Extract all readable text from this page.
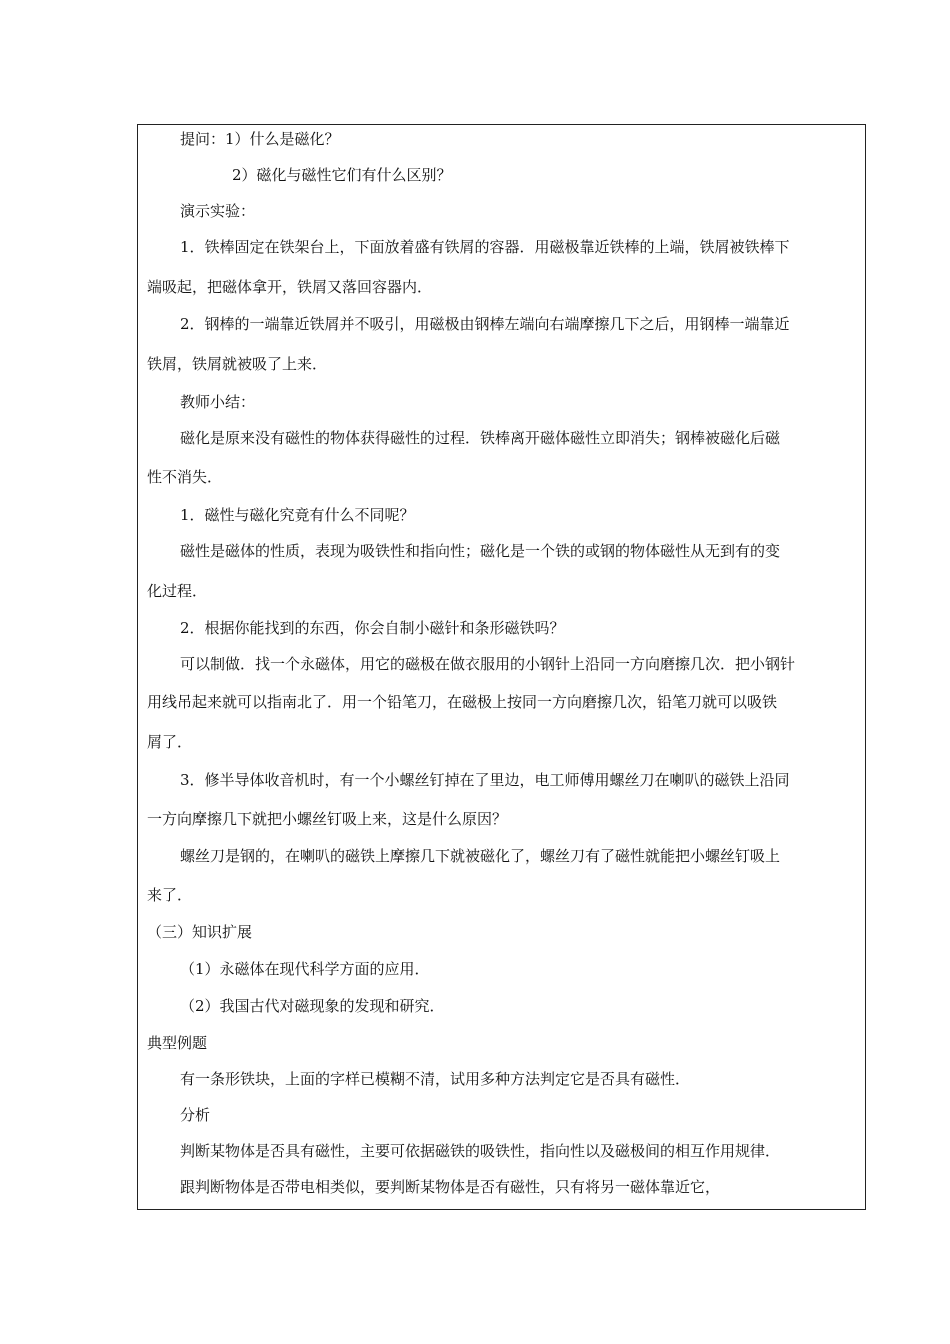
提问：1）什么是磁化？
2）磁化与磁性它们有什么区别？
演示实验：
1．铁棒固定在铁架台上，下面放着盛有铁屑的容器．用磁极靠近铁棒的上端，铁屑被铁棒下
端吸起，把磁体拿开，铁屑又落回容器内．
2．钢棒的一端靠近铁屑并不吸引，用磁极由钢棒左端向右端摩擦几下之后，用钢棒一端靠近
铁屑，铁屑就被吸了上来．
教师小结：
磁化是原来没有磁性的物体获得磁性的过程．铁棒离开磁体磁性立即消失；钢棒被磁化后磁
性不消失．
1．磁性与磁化究竟有什么不同呢？
磁性是磁体的性质，表现为吸铁性和指向性；磁化是一个铁的或钢的物体磁性从无到有的变
化过程．
2．根据你能找到的东西，你会自制小磁针和条形磁铁吗？
可以制做．找一个永磁体，用它的磁极在做衣服用的小钢针上沿同一方向磨擦几次．把小钢针
用线吊起来就可以指南北了．用一个铅笔刀，在磁极上按同一方向磨擦几次，铅笔刀就可以吸铁
屑了．
3．修半导体收音机时，有一个小螺丝钉掉在了里边，电工师傅用螺丝刀在喇叭的磁铁上沿同
一方向摩擦几下就把小螺丝钉吸上来，这是什么原因？
螺丝刀是钢的，在喇叭的磁铁上摩擦几下就被磁化了，螺丝刀有了磁性就能把小螺丝钉吸上
来了．
（三）知识扩展
（1）永磁体在现代科学方面的应用．
（2）我国古代对磁现象的发现和研究．
典型例题
有一条形铁块，上面的字样已模糊不清，试用多种方法判定它是否具有磁性．
分析
判断某物体是否具有磁性，主要可依据磁铁的吸铁性，指向性以及磁极间的相互作用规律．
跟判断物体是否带电相类似，要判断某物体是否有磁性，只有将另一磁体靠近它，
